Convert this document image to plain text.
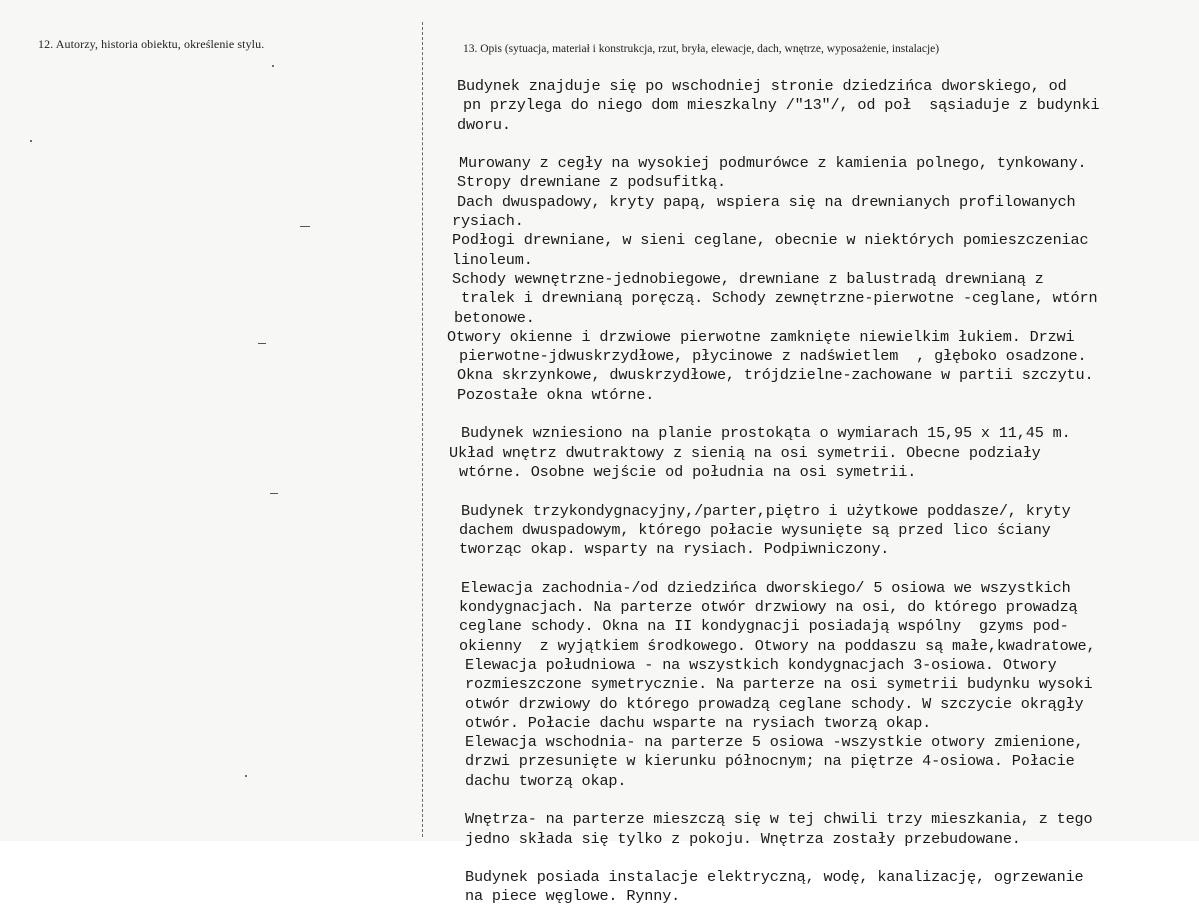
12. Autorzy, historia obiektu, określenie stylu.	13. Opis (sytuacja, materiał i konstrukcja, rzut, bryła, elewacje, dach, wnętrze, wyposażenie, instalacje)
Budynek znajduje się po wschodniej stronie dziedzińca dworskiego, od
pn przylega do niego dom mieszkalny /"13"/, od poł  sąsiaduje z budynki
dworu.
Murowany z cegły na wysokiej podmurówce z kamienia polnego, tynkowany.
Stropy drewniane z podsufitką.
Dach dwuspadowy, kryty papą, wspiera się na drewnianych profilowanych
rysiach.
Podłogi drewniane, w sieni ceglane, obecnie w niektórych pomieszczeniac
linoleum.
Schody wewnętrzne-jednobiegowe, drewniane z balustradą drewnianą z
tralek i drewnianą poręczą. Schody zewnętrzne-pierwotne -ceglane, wtórn
betonowe.
Otwory okienne i drzwiowe pierwotne zamknięte niewielkim łukiem. Drzwi
pierwotne-jdwuskrzydłowe, płycinowe z nadświetlem  , głęboko osadzone.
Okna skrzynkowe, dwuskrzydłowe, trójdzielne-zachowane w partii szczytu.
Pozostałe okna wtórne.
Budynek wzniesiono na planie prostokąta o wymiarach 15,95 x 11,45 m.
Układ wnętrz dwutraktowy z sienią na osi symetrii. Obecne podziały
wtórne. Osobne wejście od południa na osi symetrii.
Budynek trzykondygnacyjny,/parter,piętro i użytkowe poddasze/, kryty
dachem dwuspadowym, którego połacie wysunięte są przed lico ściany
tworząc okap. wsparty na rysiach. Podpiwniczony.
Elewacja zachodnia-/od dziedzińca dworskiego/ 5 osiowa we wszystkich
kondygnacjach. Na parterze otwór drzwiowy na osi, do którego prowadzą
ceglane schody. Okna na II kondygnacji posiadają wspólny  gzyms pod-
okienny  z wyjątkiem środkowego. Otwory na poddaszu są małe,kwadratowe,
Elewacja południowa - na wszystkich kondygnacjach 3-osiowa. Otwory
rozmieszczone symetrycznie. Na parterze na osi symetrii budynku wysoki
otwór drzwiowy do którego prowadzą ceglane schody. W szczycie okrągły
otwór. Połacie dachu wsparte na rysiach tworzą okap.
Elewacja wschodnia- na parterze 5 osiowa -wszystkie otwory zmienione,
drzwi przesunięte w kierunku północnym; na piętrze 4-osiowa. Połacie
dachu tworzą okap.
Wnętrza- na parterze mieszczą się w tej chwili trzy mieszkania, z tego
jedno składa się tylko z pokoju. Wnętrza zostały przebudowane.
Budynek posiada instalacje elektryczną, wodę, kanalizację, ogrzewanie
na piece węglowe. Rynny.
